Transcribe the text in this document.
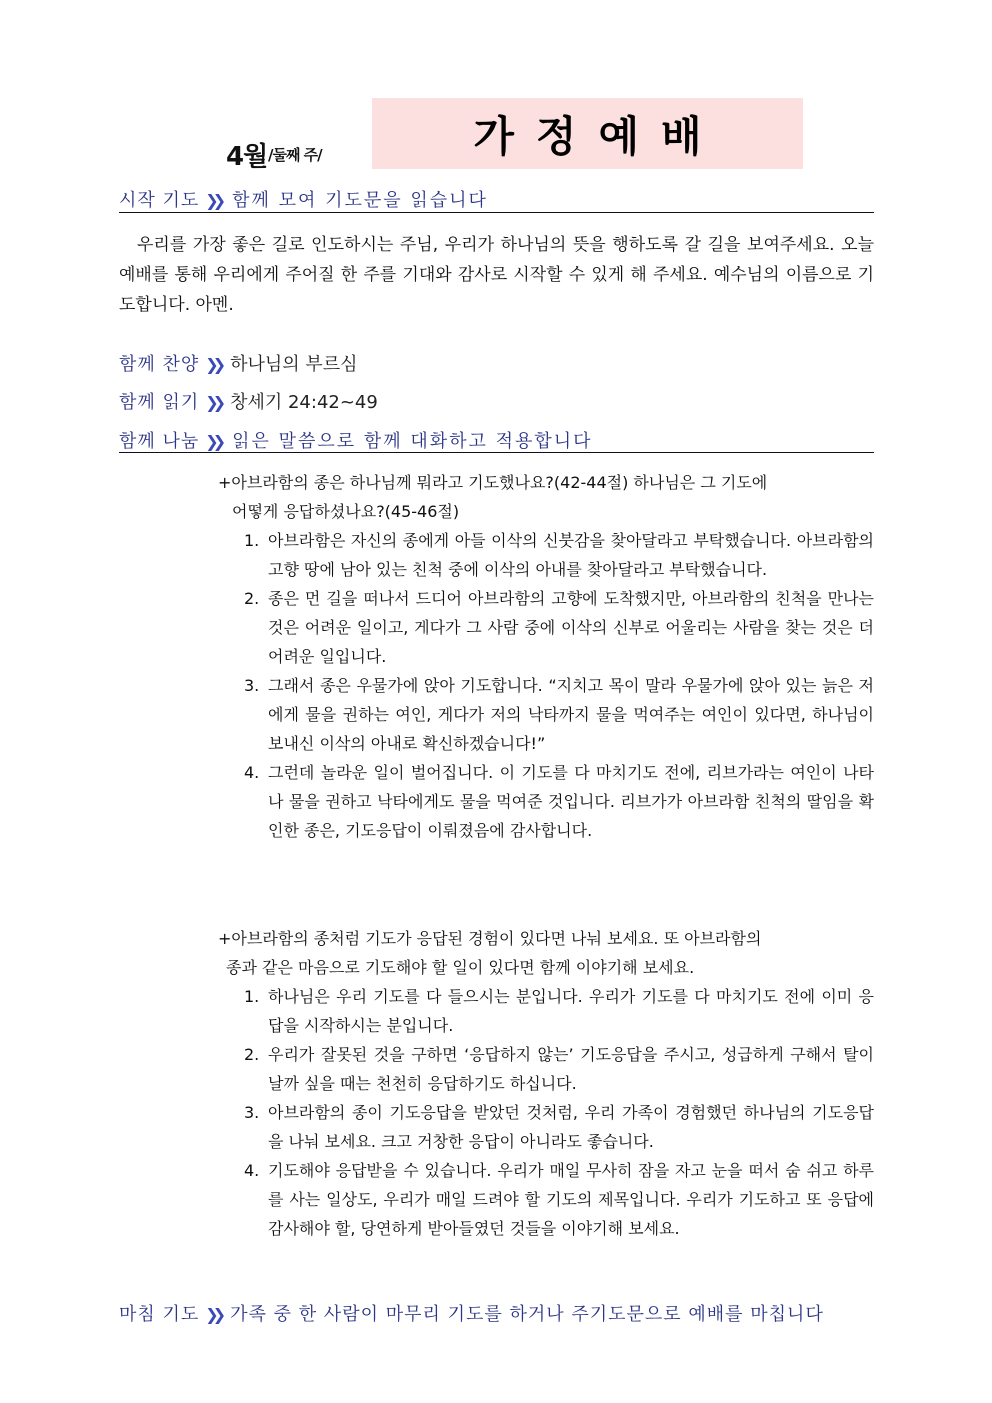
4월 /둘째 주/	가정예배
시작 기도 ❯❯ 함께 모여 기도문을 읽습니다
우리를 가장 좋은 길로 인도하시는 주님, 우리가 하나님의 뜻을 행하도록 갈 길을 보여주세요. 오늘 예배를 통해 우리에게 주어질 한 주를 기대와 감사로 시작할 수 있게 해 주세요. 예수님의 이름으로 기도합니다. 아멘.
함께 찬양 ❯❯ 하나님의 부르심
함께 읽기 ❯❯ 창세기 24:42~49
함께 나눔 ❯❯ 읽은 말씀으로 함께 대화하고 적용합니다
+아브라함의 종은 하나님께 뭐라고 기도했나요?(42-44절) 하나님은 그 기도에
어떻게 응답하셨나요?(45-46절)
1. 아브라함은 자신의 종에게 아들 이삭의 신붓감을 찾아달라고 부탁했습니다. 아브라함의 고향 땅에 남아 있는 친척 중에 이삭의 아내를 찾아달라고 부탁했습니다.
2. 종은 먼 길을 떠나서 드디어 아브라함의 고향에 도착했지만, 아브라함의 친척을 만나는 것은 어려운 일이고, 게다가 그 사람 중에 이삭의 신부로 어울리는 사람을 찾는 것은 더 어려운 일입니다.
3. 그래서 종은 우물가에 앉아 기도합니다. “지치고 목이 말라 우물가에 앉아 있는 늙은 저에게 물을 권하는 여인, 게다가 저의 낙타까지 물을 먹여주는 여인이 있다면, 하나님이 보내신 이삭의 아내로 확신하겠습니다!”
4. 그런데 놀라운 일이 벌어집니다. 이 기도를 다 마치기도 전에, 리브가라는 여인이 나타나 물을 권하고 낙타에게도 물을 먹여준 것입니다. 리브가가 아브라함 친척의 딸임을 확인한 종은, 기도응답이 이뤄졌음에 감사합니다.
+아브라함의 종처럼 기도가 응답된 경험이 있다면 나눠 보세요. 또 아브라함의
종과 같은 마음으로 기도해야 할 일이 있다면 함께 이야기해 보세요.
1. 하나님은 우리 기도를 다 들으시는 분입니다. 우리가 기도를 다 마치기도 전에 이미 응답을 시작하시는 분입니다.
2. 우리가 잘못된 것을 구하면 ‘응답하지 않는’ 기도응답을 주시고, 성급하게 구해서 탈이 날까 싶을 때는 천천히 응답하기도 하십니다.
3. 아브라함의 종이 기도응답을 받았던 것처럼, 우리 가족이 경험했던 하나님의 기도응답을 나눠 보세요. 크고 거창한 응답이 아니라도 좋습니다.
4. 기도해야 응답받을 수 있습니다. 우리가 매일 무사히 잠을 자고 눈을 떠서 숨 쉬고 하루를 사는 일상도, 우리가 매일 드려야 할 기도의 제목입니다. 우리가 기도하고 또 응답에 감사해야 할, 당연하게 받아들였던 것들을 이야기해 보세요.
마침 기도 ❯❯ 가족 중 한 사람이 마무리 기도를 하거나 주기도문으로 예배를 마칩니다
